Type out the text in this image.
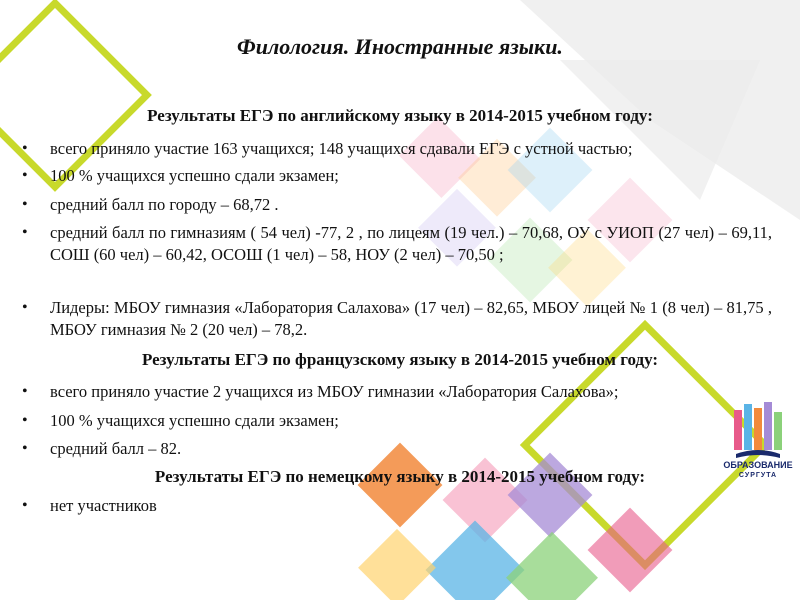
Филология. Иностранные языки.
Результаты ЕГЭ по английскому языку в 2014-2015 учебном году:
•	всего приняло участие 163 учащихся; 148 учащихся сдавали ЕГЭ с устной частью;
•	100 % учащихся успешно сдали экзамен;
•	средний балл по городу – 68,72 .
•	средний балл по гимназиям ( 54 чел) -77, 2 , по лицеям (19 чел.) – 70,68, ОУ с УИОП (27 чел) – 69,11, СОШ (60 чел) – 60,42, ОСОШ (1 чел) – 58, НОУ (2 чел) – 70,50 ;
•	Лидеры: МБОУ гимназия «Лаборатория Салахова» (17 чел) – 82,65, МБОУ лицей № 1 (8 чел) – 81,75 , МБОУ гимназия № 2 (20 чел) – 78,2.
Результаты ЕГЭ по французскому языку в 2014-2015 учебном году:
•	всего приняло участие 2 учащихся из МБОУ гимназии «Лаборатория Салахова»;
•	100 % учащихся успешно сдали экзамен;
•	средний балл – 82.
Результаты ЕГЭ по немецкому языку в 2014-2015 учебном году:
•	нет участников
ОБРАЗОВАНИЕ
СУРГУТА
